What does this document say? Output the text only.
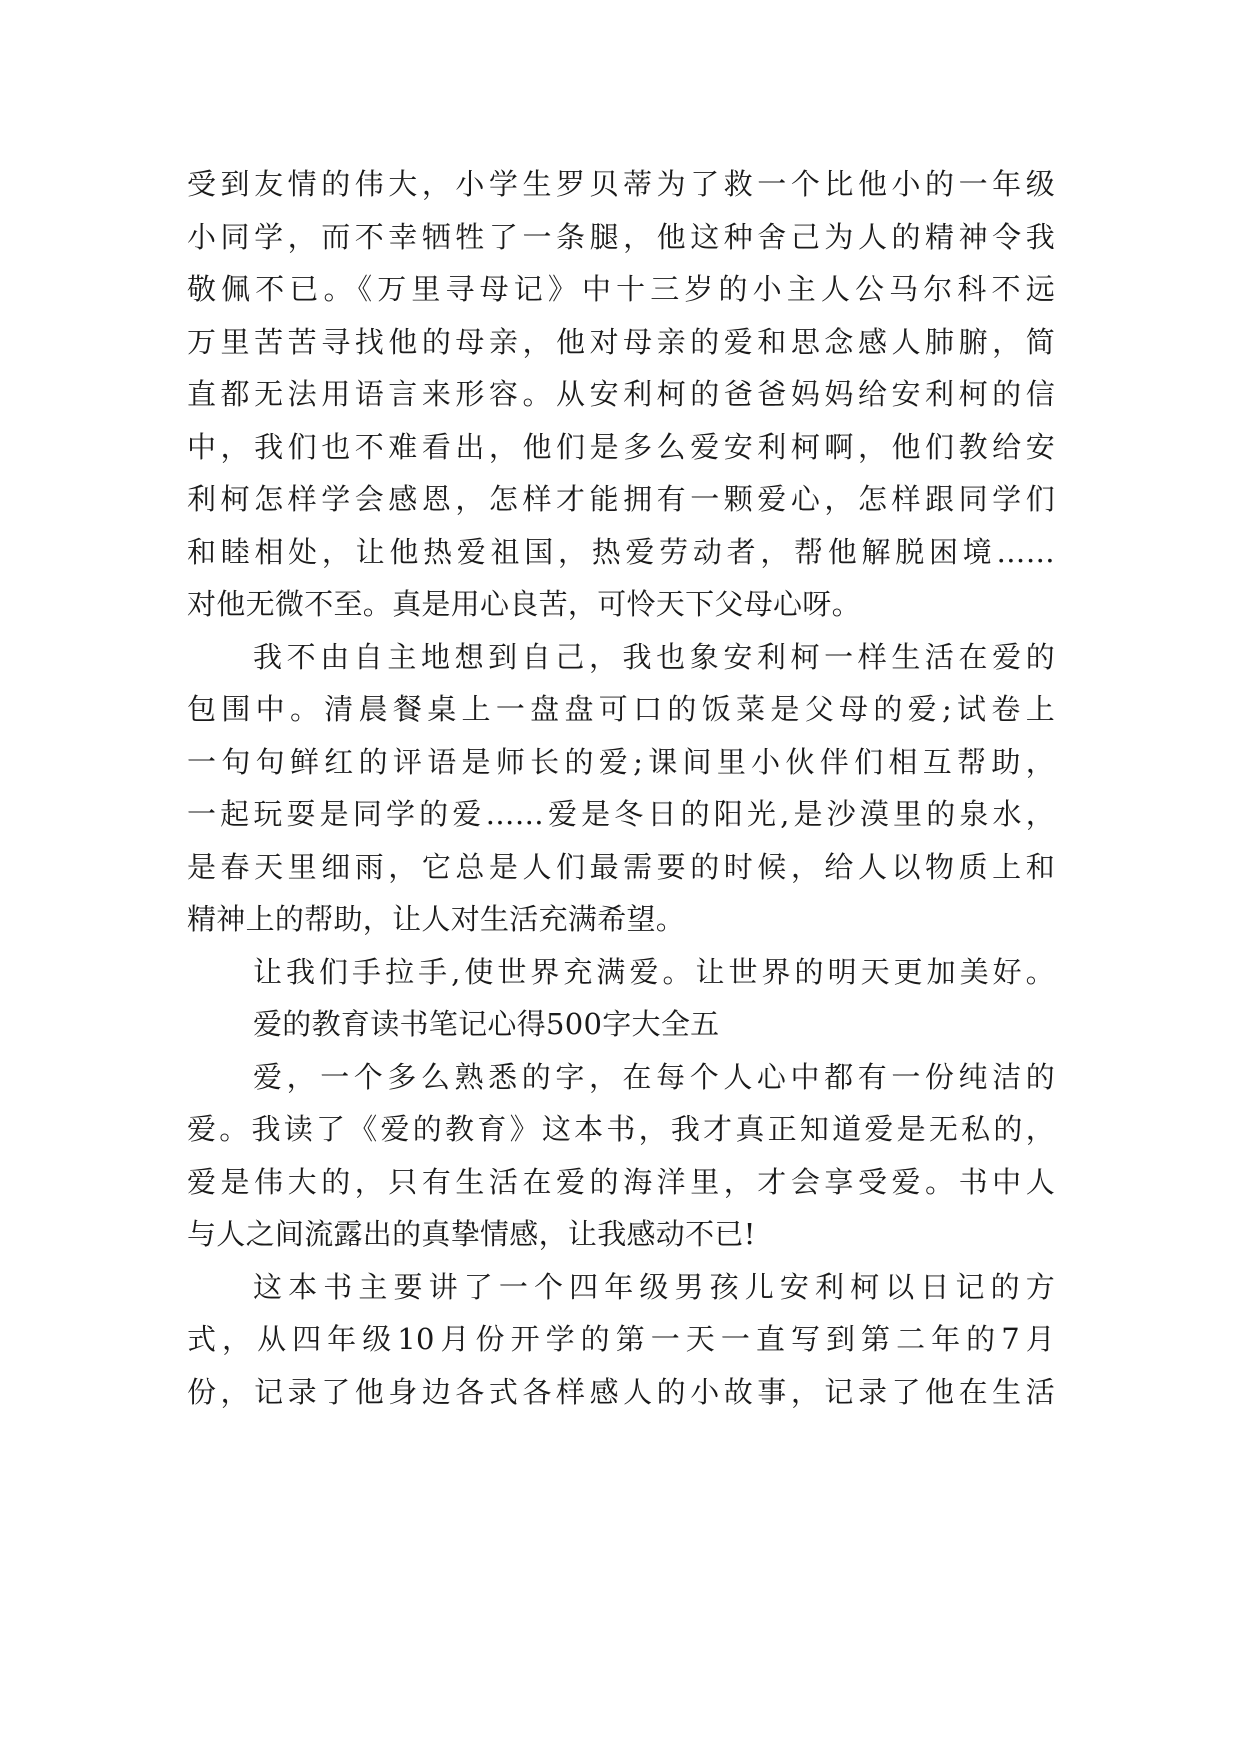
受到友情的伟大，小学生罗贝蒂为了救一个比他小的一年级
小同学，而不幸牺牲了一条腿，他这种舍己为人的精神令我
敬佩不已。《万里寻母记》中十三岁的小主人公马尔科不远
万里苦苦寻找他的母亲，他对母亲的爱和思念感人肺腑，简
直都无法用语言来形容。从安利柯的爸爸妈妈给安利柯的信
中，我们也不难看出，他们是多么爱安利柯啊，他们教给安
利柯怎样学会感恩，怎样才能拥有一颗爱心，怎样跟同学们
和睦相处，让他热爱祖国，热爱劳动者，帮他解脱困境……
对他无微不至。真是用心良苦，可怜天下父母心呀。
我不由自主地想到自己，我也象安利柯一样生活在爱的
包围中。清晨餐桌上一盘盘可口的饭菜是父母的爱;试卷上
一句句鲜红的评语是师长的爱;课间里小伙伴们相互帮助，
一起玩耍是同学的爱……爱是冬日的阳光,是沙漠里的泉水，
是春天里细雨，它总是人们最需要的时候，给人以物质上和
精神上的帮助，让人对生活充满希望。
让我们手拉手,使世界充满爱。让世界的明天更加美好。
爱的教育读书笔记心得500字大全五
爱，一个多么熟悉的字，在每个人心中都有一份纯洁的
爱。我读了《爱的教育》这本书，我才真正知道爱是无私的，
爱是伟大的，只有生活在爱的海洋里，才会享受爱。书中人
与人之间流露出的真挚情感，让我感动不已!
这本书主要讲了一个四年级男孩儿安利柯以日记的方
式，从四年级10月份开学的第一天一直写到第二年的7月
份，记录了他身边各式各样感人的小故事，记录了他在生活
